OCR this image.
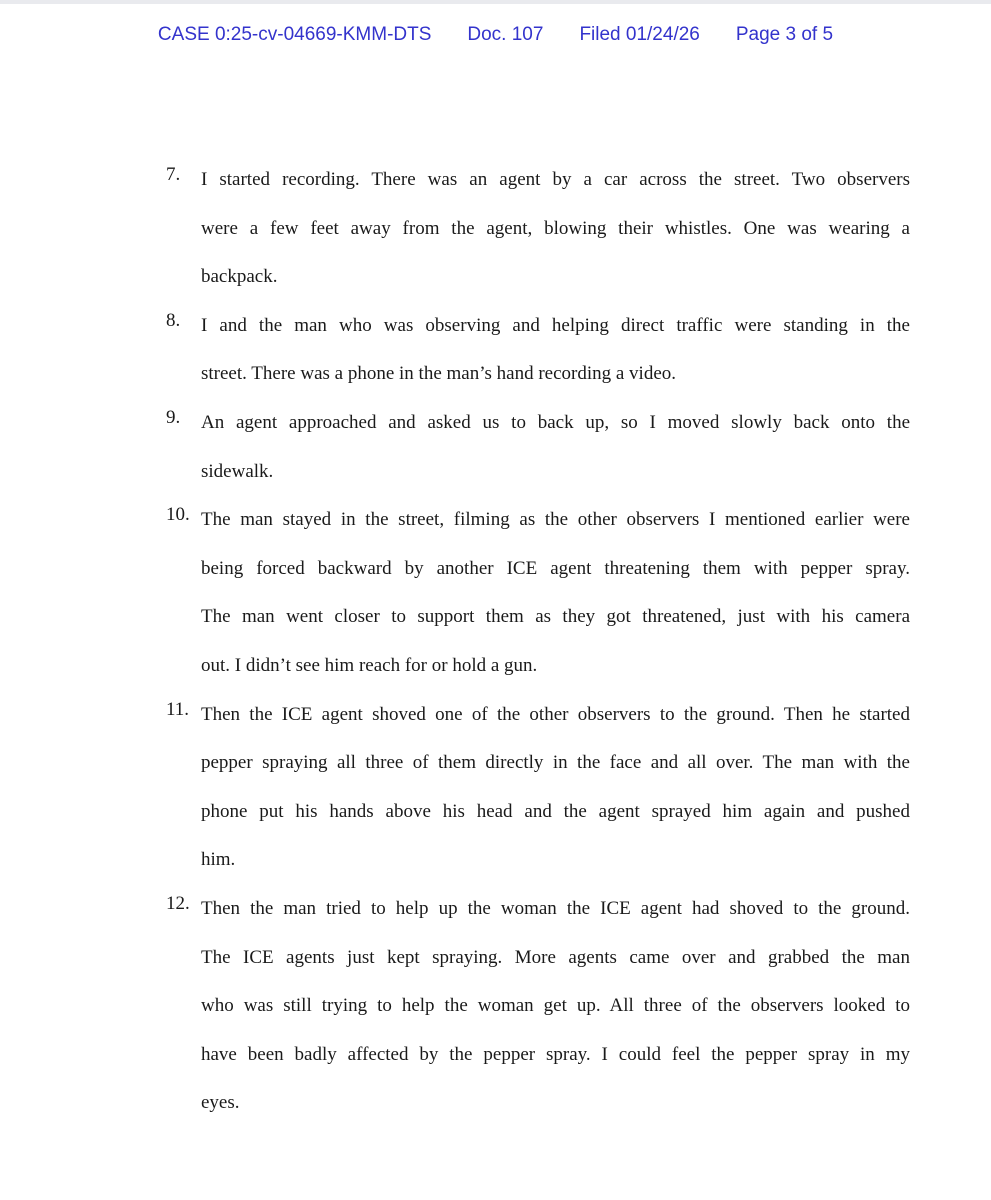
CASE 0:25-cv-04669-KMM-DTS Doc. 107 Filed 01/24/26 Page 3 of 5
7. I started recording. There was an agent by a car across the street. Two observers
were a few feet away from the agent, blowing their whistles. One was wearing a
backpack.
8. I and the man who was observing and helping direct traffic were standing in the
street. There was a phone in the man’s hand recording a video.
9. An agent approached and asked us to back up, so I moved slowly back onto the
sidewalk.
10. The man stayed in the street, filming as the other observers I mentioned earlier were
being forced backward by another ICE agent threatening them with pepper spray.
The man went closer to support them as they got threatened, just with his camera
out. I didn’t see him reach for or hold a gun.
11. Then the ICE agent shoved one of the other observers to the ground. Then he started
pepper spraying all three of them directly in the face and all over. The man with the
phone put his hands above his head and the agent sprayed him again and pushed
him.
12. Then the man tried to help up the woman the ICE agent had shoved to the ground.
The ICE agents just kept spraying. More agents came over and grabbed the man
who was still trying to help the woman get up. All three of the observers looked to
have been badly affected by the pepper spray. I could feel the pepper spray in my
eyes.
